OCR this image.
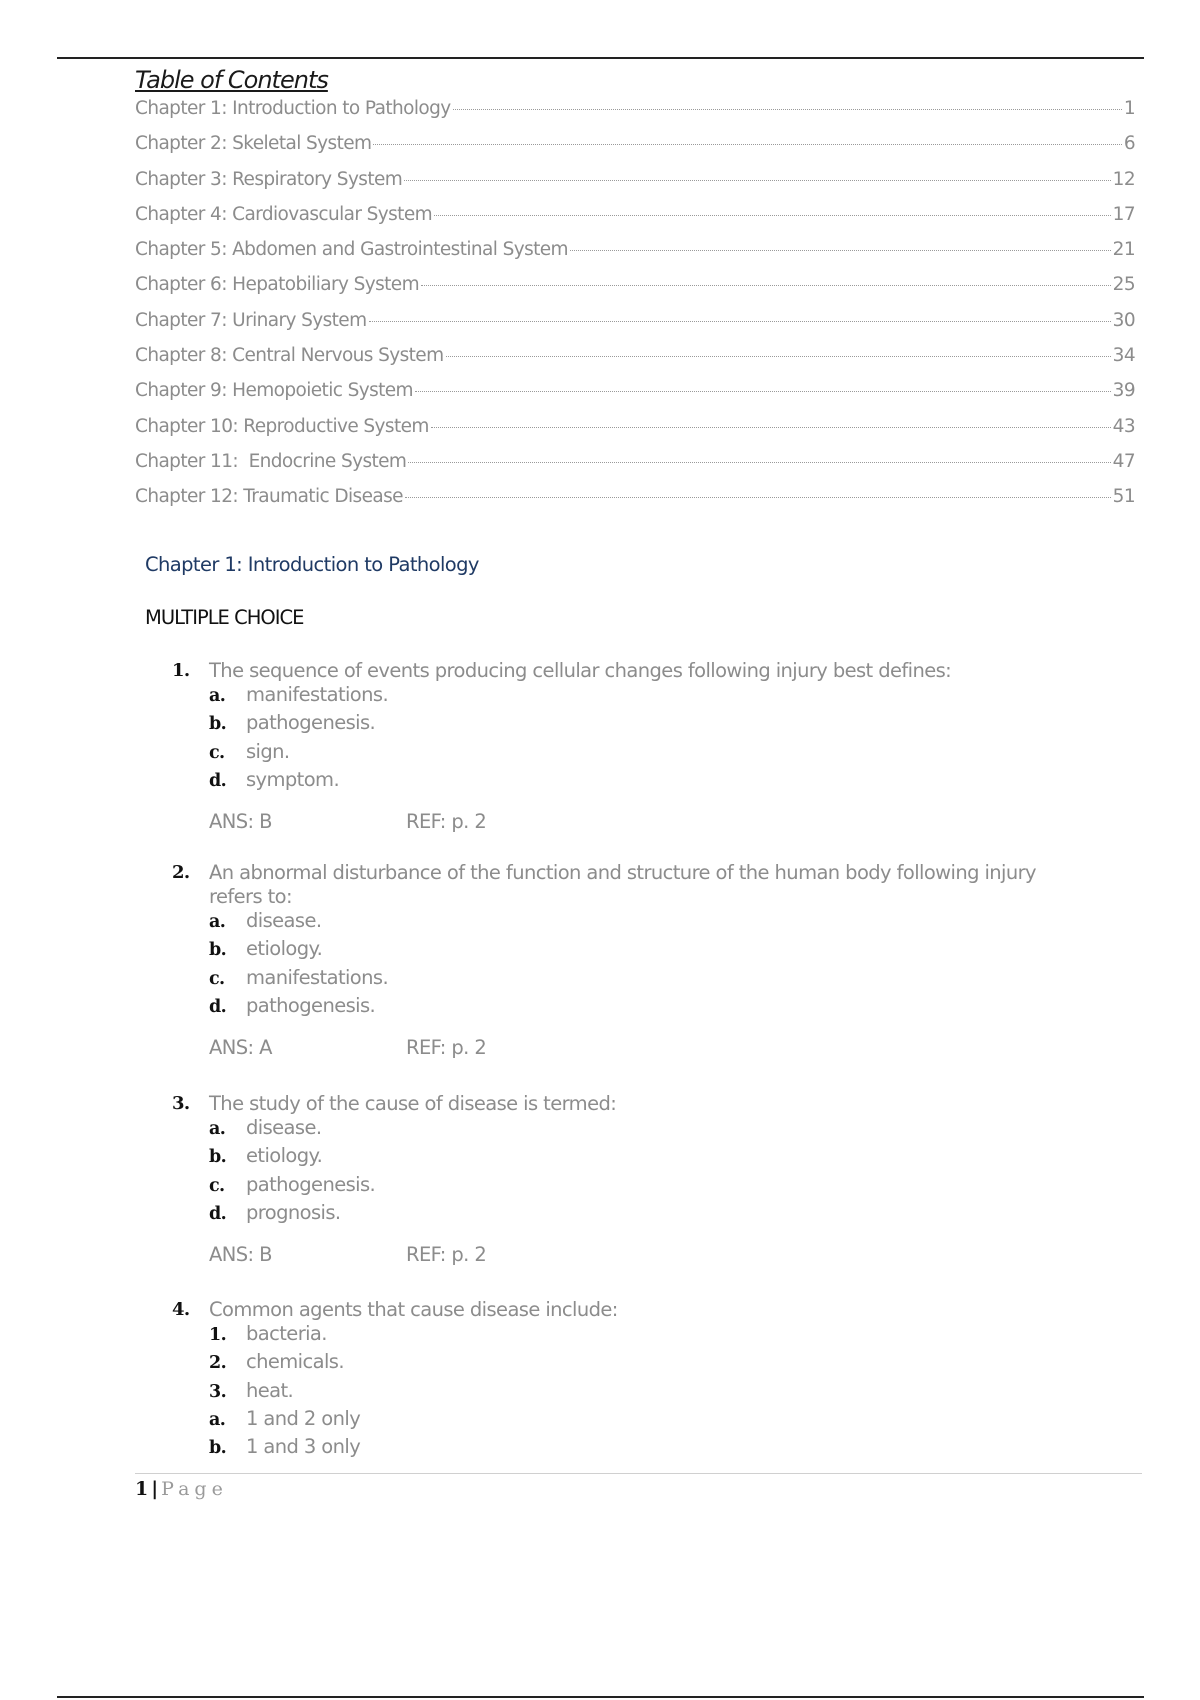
Table of Contents
Chapter 1: Introduction to Pathology	1
Chapter 2: Skeletal System	6
Chapter 3: Respiratory System	12
Chapter 4: Cardiovascular System	17
Chapter 5: Abdomen and Gastrointestinal System	21
Chapter 6: Hepatobiliary System	25
Chapter 7: Urinary System	30
Chapter 8: Central Nervous System	34
Chapter 9: Hemopoietic System	39
Chapter 10: Reproductive System	43
Chapter 11:  Endocrine System	47
Chapter 12: Traumatic Disease	51
Chapter 1: Introduction to Pathology
MULTIPLE CHOICE
1. The sequence of events producing cellular changes following injury best defines:
a.	manifestations.
b.	pathogenesis.
c.	sign.
d.	symptom.
ANS: B	REF: p. 2
2. An abnormal disturbance of the function and structure of the human body following injury refers to:
a.	disease.
b.	etiology.
c.	manifestations.
d.	pathogenesis.
ANS: A	REF: p. 2
3. The study of the cause of disease is termed:
a.	disease.
b.	etiology.
c.	pathogenesis.
d.	prognosis.
ANS: B	REF: p. 2
4. Common agents that cause disease include:
1.	bacteria.
2.	chemicals.
3.	heat.
a.	1 and 2 only
b.	1 and 3 only
1 | Page
